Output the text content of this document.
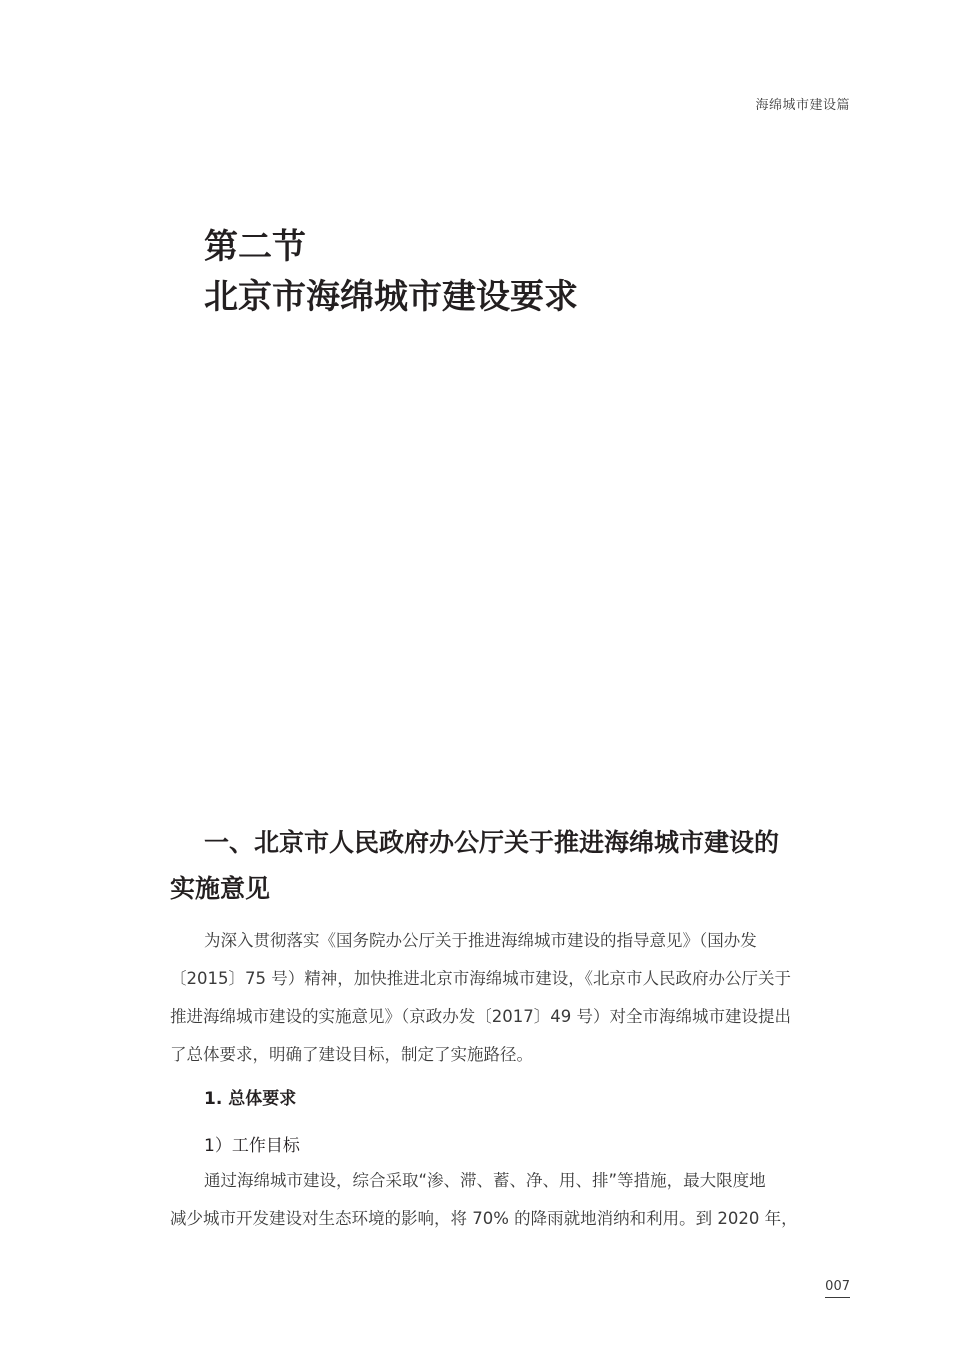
海绵城市建设篇
第二节
北京市海绵城市建设要求
一、北京市人民政府办公厅关于推进海绵城市建设的
实施意见
为深入贯彻落实《国务院办公厅关于推进海绵城市建设的指导意见》（国办发
〔2015〕75 号）精神，加快推进北京市海绵城市建设，《北京市人民政府办公厅关于
推进海绵城市建设的实施意见》（京政办发〔2017〕49 号）对全市海绵城市建设提出
了总体要求，明确了建设目标，制定了实施路径。
1. 总体要求
1）工作目标
通过海绵城市建设，综合采取“渗、滞、蓄、净、用、排”等措施，最大限度地
减少城市开发建设对生态环境的影响，将 70% 的降雨就地消纳和利用。到 2020 年，
007
